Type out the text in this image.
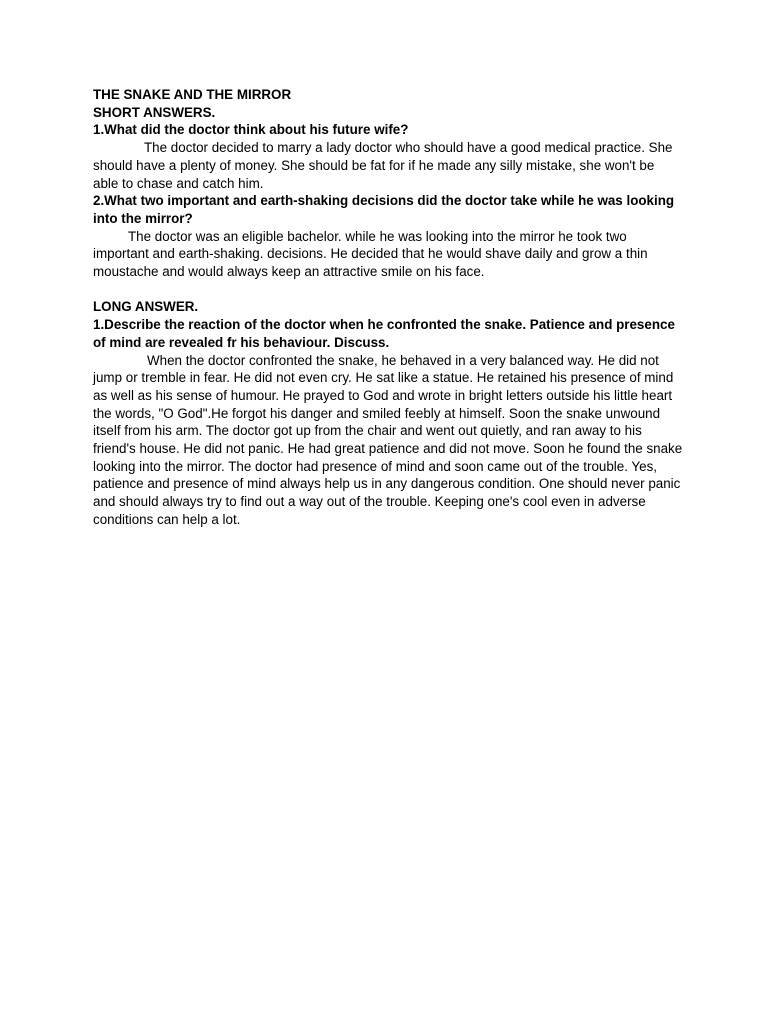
THE SNAKE AND THE MIRROR

SHORT ANSWERS.

1.What did the doctor think about his future wife?

The doctor decided to marry a lady doctor who should have a good medical practice. She should have a plenty of money. She should be fat for if he made any silly mistake, she won't be able to chase and catch him.

2.What two important and earth-shaking decisions did the doctor take while he was looking into the mirror?

The doctor was an eligible bachelor. while he was looking into the mirror he took two important and earth-shaking. decisions. He decided that he would shave daily and grow a thin moustache and would always keep an attractive smile on his face.

LONG ANSWER.

1.Describe the reaction of the doctor when he confronted the snake. Patience and presence of mind are revealed fr his behaviour. Discuss.

When the doctor confronted the snake, he behaved in a very balanced way. He did not jump or tremble in fear. He did not even cry. He sat like a statue. He retained his presence of mind as well as his sense of humour. He prayed to God and wrote in bright letters outside his little heart the words, "O God".He forgot his danger and smiled feebly at himself. Soon the snake unwound itself from his arm. The doctor got up from the chair and went out quietly, and ran away to his friend's house. He did not panic. He had great patience and did not move. Soon he found the snake looking into the mirror. The doctor had presence of mind and soon came out of the trouble. Yes, patience and presence of mind always help us in any dangerous condition. One should never panic and should always try to find out a way out of the trouble. Keeping one's cool even in adverse conditions can help a lot.
